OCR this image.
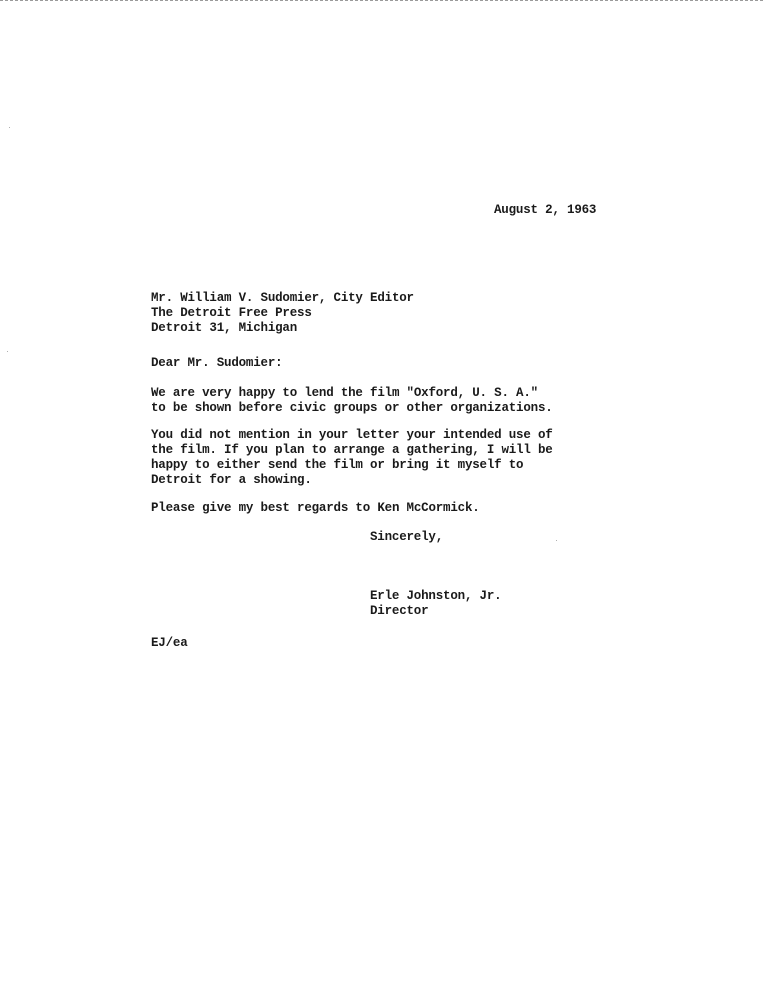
August 2, 1963
Mr. William V. Sudomier, City Editor
The Detroit Free Press
Detroit 31, Michigan
Dear Mr. Sudomier:
We are very happy to lend the film "Oxford, U. S. A."
to be shown before civic groups or other organizations.
You did not mention in your letter your intended use of
the film. If you plan to arrange a gathering, I will be
happy to either send the film or bring it myself to
Detroit for a showing.
Please give my best regards to Ken McCormick.
Sincerely,
Erle Johnston, Jr.
Director
EJ/ea
